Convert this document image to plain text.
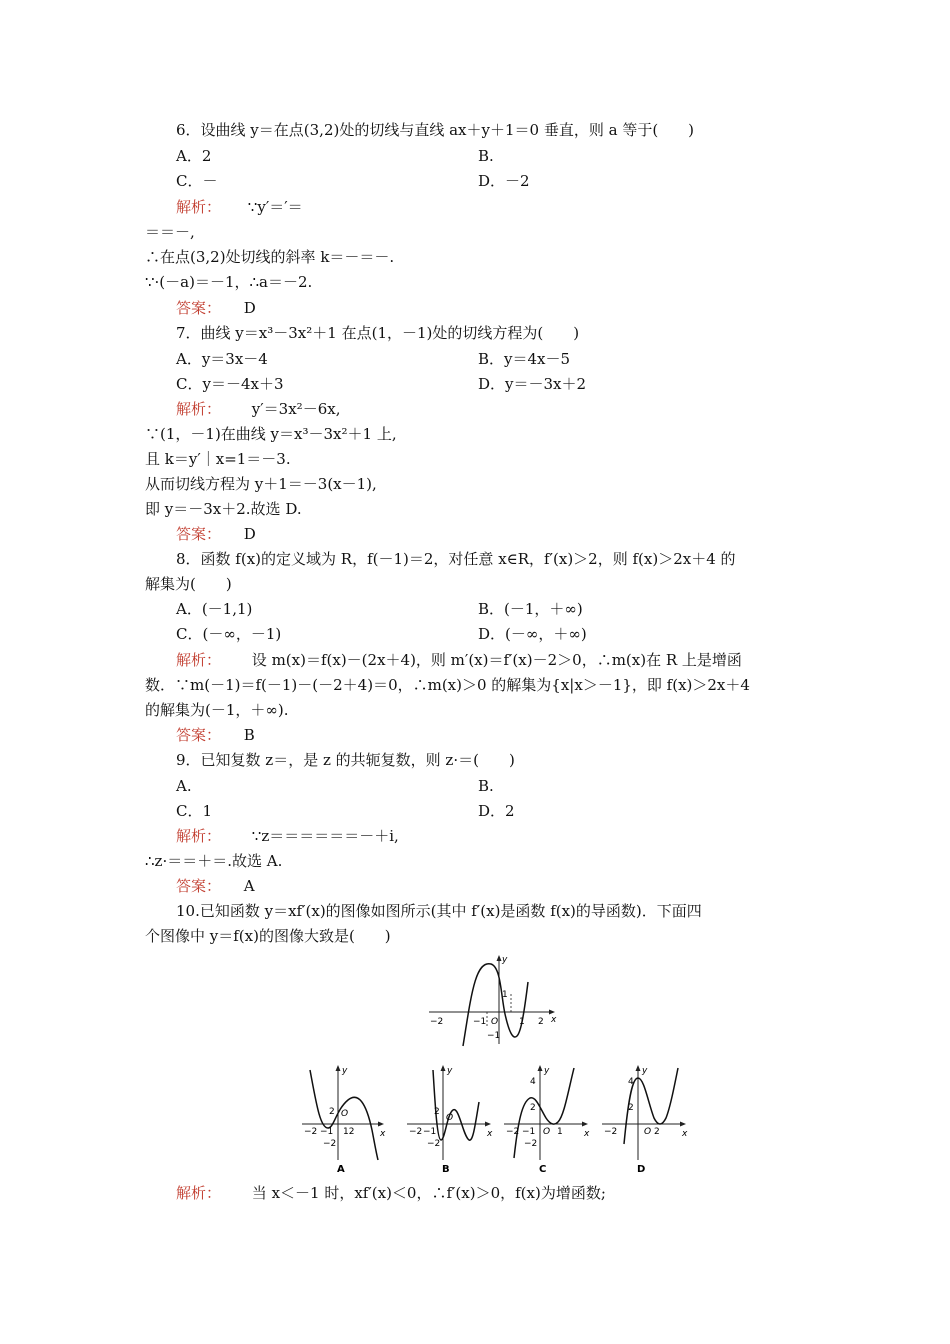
6．设曲线 y＝在点(3,2)处的切线与直线 ax＋y＋1＝0 垂直，则 a 等于(　　)
A．2	B.
C．－	D．－2
解析： ∵y′＝′＝
＝＝－,
∴在点(3,2)处切线的斜率 k＝－＝－.
∵·(－a)＝－1，∴a＝－2.
答案： D
7．曲线 y＝x³－3x²＋1 在点(1，－1)处的切线方程为(　　)
A．y＝3x－4	B．y＝4x－5
C．y＝－4x＋3	D．y＝－3x＋2
解析： y′＝3x²－6x,
∵(1，－1)在曲线 y＝x³－3x²＋1 上,
且 k＝y′｜x=1＝－3.
从而切线方程为 y＋1＝－3(x－1),
即 y＝－3x＋2.故选 D.
答案： D
8．函数 f(x)的定义域为 R，f(－1)＝2，对任意 x∈R，f′(x)＞2，则 f(x)＞2x＋4 的
解集为(　　)
A．(－1,1)	B．(－1，＋∞)
C．(－∞，－1)	D．(－∞，＋∞)
解析： 设 m(x)＝f(x)－(2x＋4)，则 m′(x)＝f′(x)－2＞0，∴m(x)在 R 上是增函
数．∵m(－1)＝f(－1)－(－2＋4)＝0，∴m(x)＞0 的解集为{x|x＞－1}，即 f(x)＞2x＋4
的解集为(－1，＋∞).
答案： B
9．已知复数 z＝，是 z 的共轭复数，则 z·＝(　　)
A.	B.
C．1	D．2
解析： ∵z＝＝＝＝＝＝－＋i,
∴z·＝＝＋＝.故选 A.
答案： A
10.已知函数 y＝xf′(x)的图像如图所示(其中 f′(x)是函数 f(x)的导函数)．下面四
个图像中 y＝f(x)的图像大致是(　　)
y
x
O
−2	−1	1 2
1
−1
y
x
O
−2 −1 12
2
−2
A
y
x
O
−2 −1
2
−2
B
y
x
O
4
2
−2 −1 1
−2
C
y
x
O
4
2
−2	2
D
解析： 当 x＜－1 时，xf′(x)＜0，∴f′(x)＞0，f(x)为增函数;
